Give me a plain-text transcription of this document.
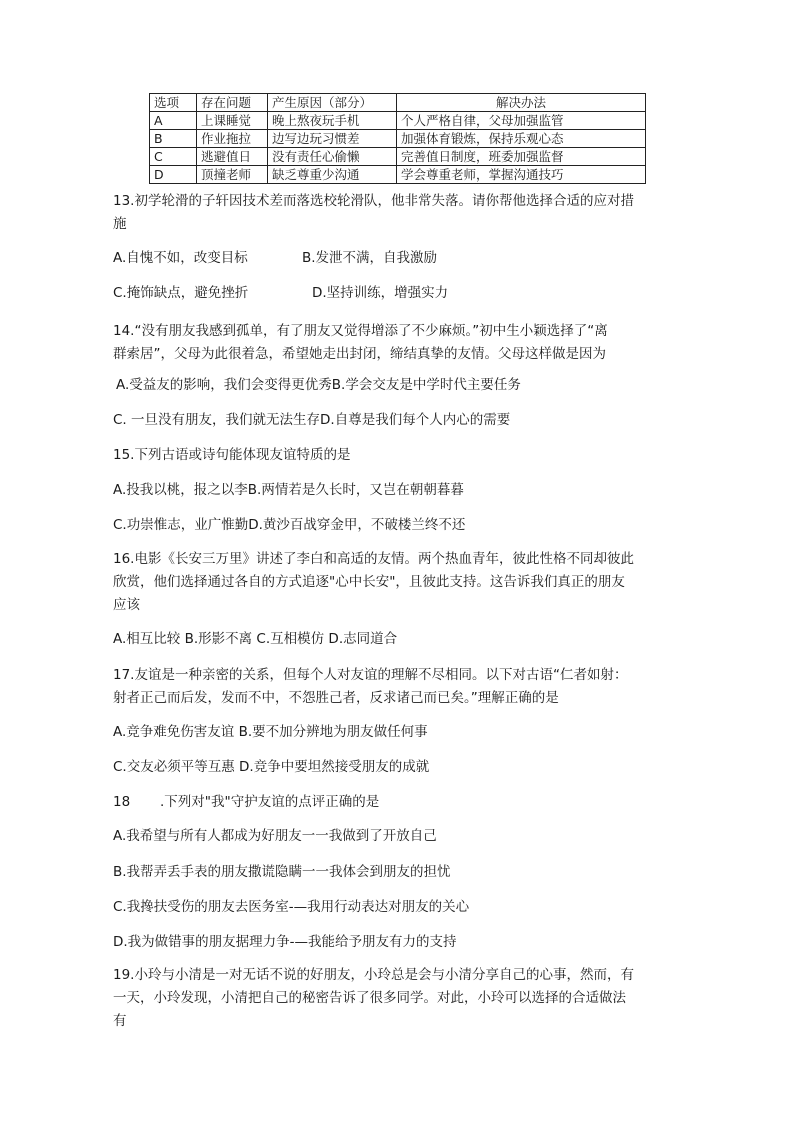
选项	存在问题	产生原因（部分）	解决办法
A	上课睡觉	晚上熬夜玩手机	个人严格自律，父母加强监管
B	作业拖拉	边写边玩习惯差	加强体育锻炼，保持乐观心态
C	逃避值日	没有责任心偷懒	完善值日制度，班委加强监督
D	顶撞老师	缺乏尊重少沟通	学会尊重老师，掌握沟通技巧
13.初学轮滑的子轩因技术差而落选校轮滑队，他非常失落。请你帮他选择合适的应对措
施
A.自愧不如，改变目标	B.发泄不满，自我激励
C.掩饰缺点，避免挫折	D.坚持训练，增强实力
14.“没有朋友我感到孤单，有了朋友又觉得增添了不少麻烦。”初中生小颖选择了“离
群索居”，父母为此很着急，希望她走出封闭，缔结真挚的友情。父母这样做是因为
A.受益友的影响，我们会变得更优秀B.学会交友是中学时代主要任务
C. 一旦没有朋友，我们就无法生存D.自尊是我们每个人内心的需要
15.下列古语或诗句能体现友谊特质的是
A.投我以桃，报之以李B.两情若是久长时，又岂在朝朝暮暮
C.功崇惟志，业广惟勤D.黄沙百战穿金甲，不破楼兰终不还
16.电影《长安三万里》讲述了李白和高适的友情。两个热血青年，彼此性格不同却彼此
欣赏，他们选择通过各自的方式追逐"心中长安"，且彼此支持。这告诉我们真正的朋友
应该
A.相互比较 B.形影不离 C.互相模仿 D.志同道合
17.友谊是一种亲密的关系，但每个人对友谊的理解不尽相同。以下对古语“仁者如射：
射者正己而后发，发而不中，不怨胜己者，反求诸己而已矣。”理解正确的是
A.竞争难免伤害友谊 B.要不加分辨地为朋友做任何事
C.交友必须平等互惠 D.竞争中要坦然接受朋友的成就
18 .下列对"我"守护友谊的点评正确的是
A.我希望与所有人都成为好朋友一一我做到了开放自己
B.我帮弄丢手表的朋友撒谎隐瞒一一我体会到朋友的担忧
C.我搀扶受伤的朋友去医务室-—我用行动表达对朋友的关心
D.我为做错事的朋友据理力争-—我能给予朋友有力的支持
19.小玲与小清是一对无话不说的好朋友，小玲总是会与小清分享自己的心事，然而，有
一天，小玲发现，小清把自己的秘密告诉了很多同学。对此，小玲可以选择的合适做法
有
